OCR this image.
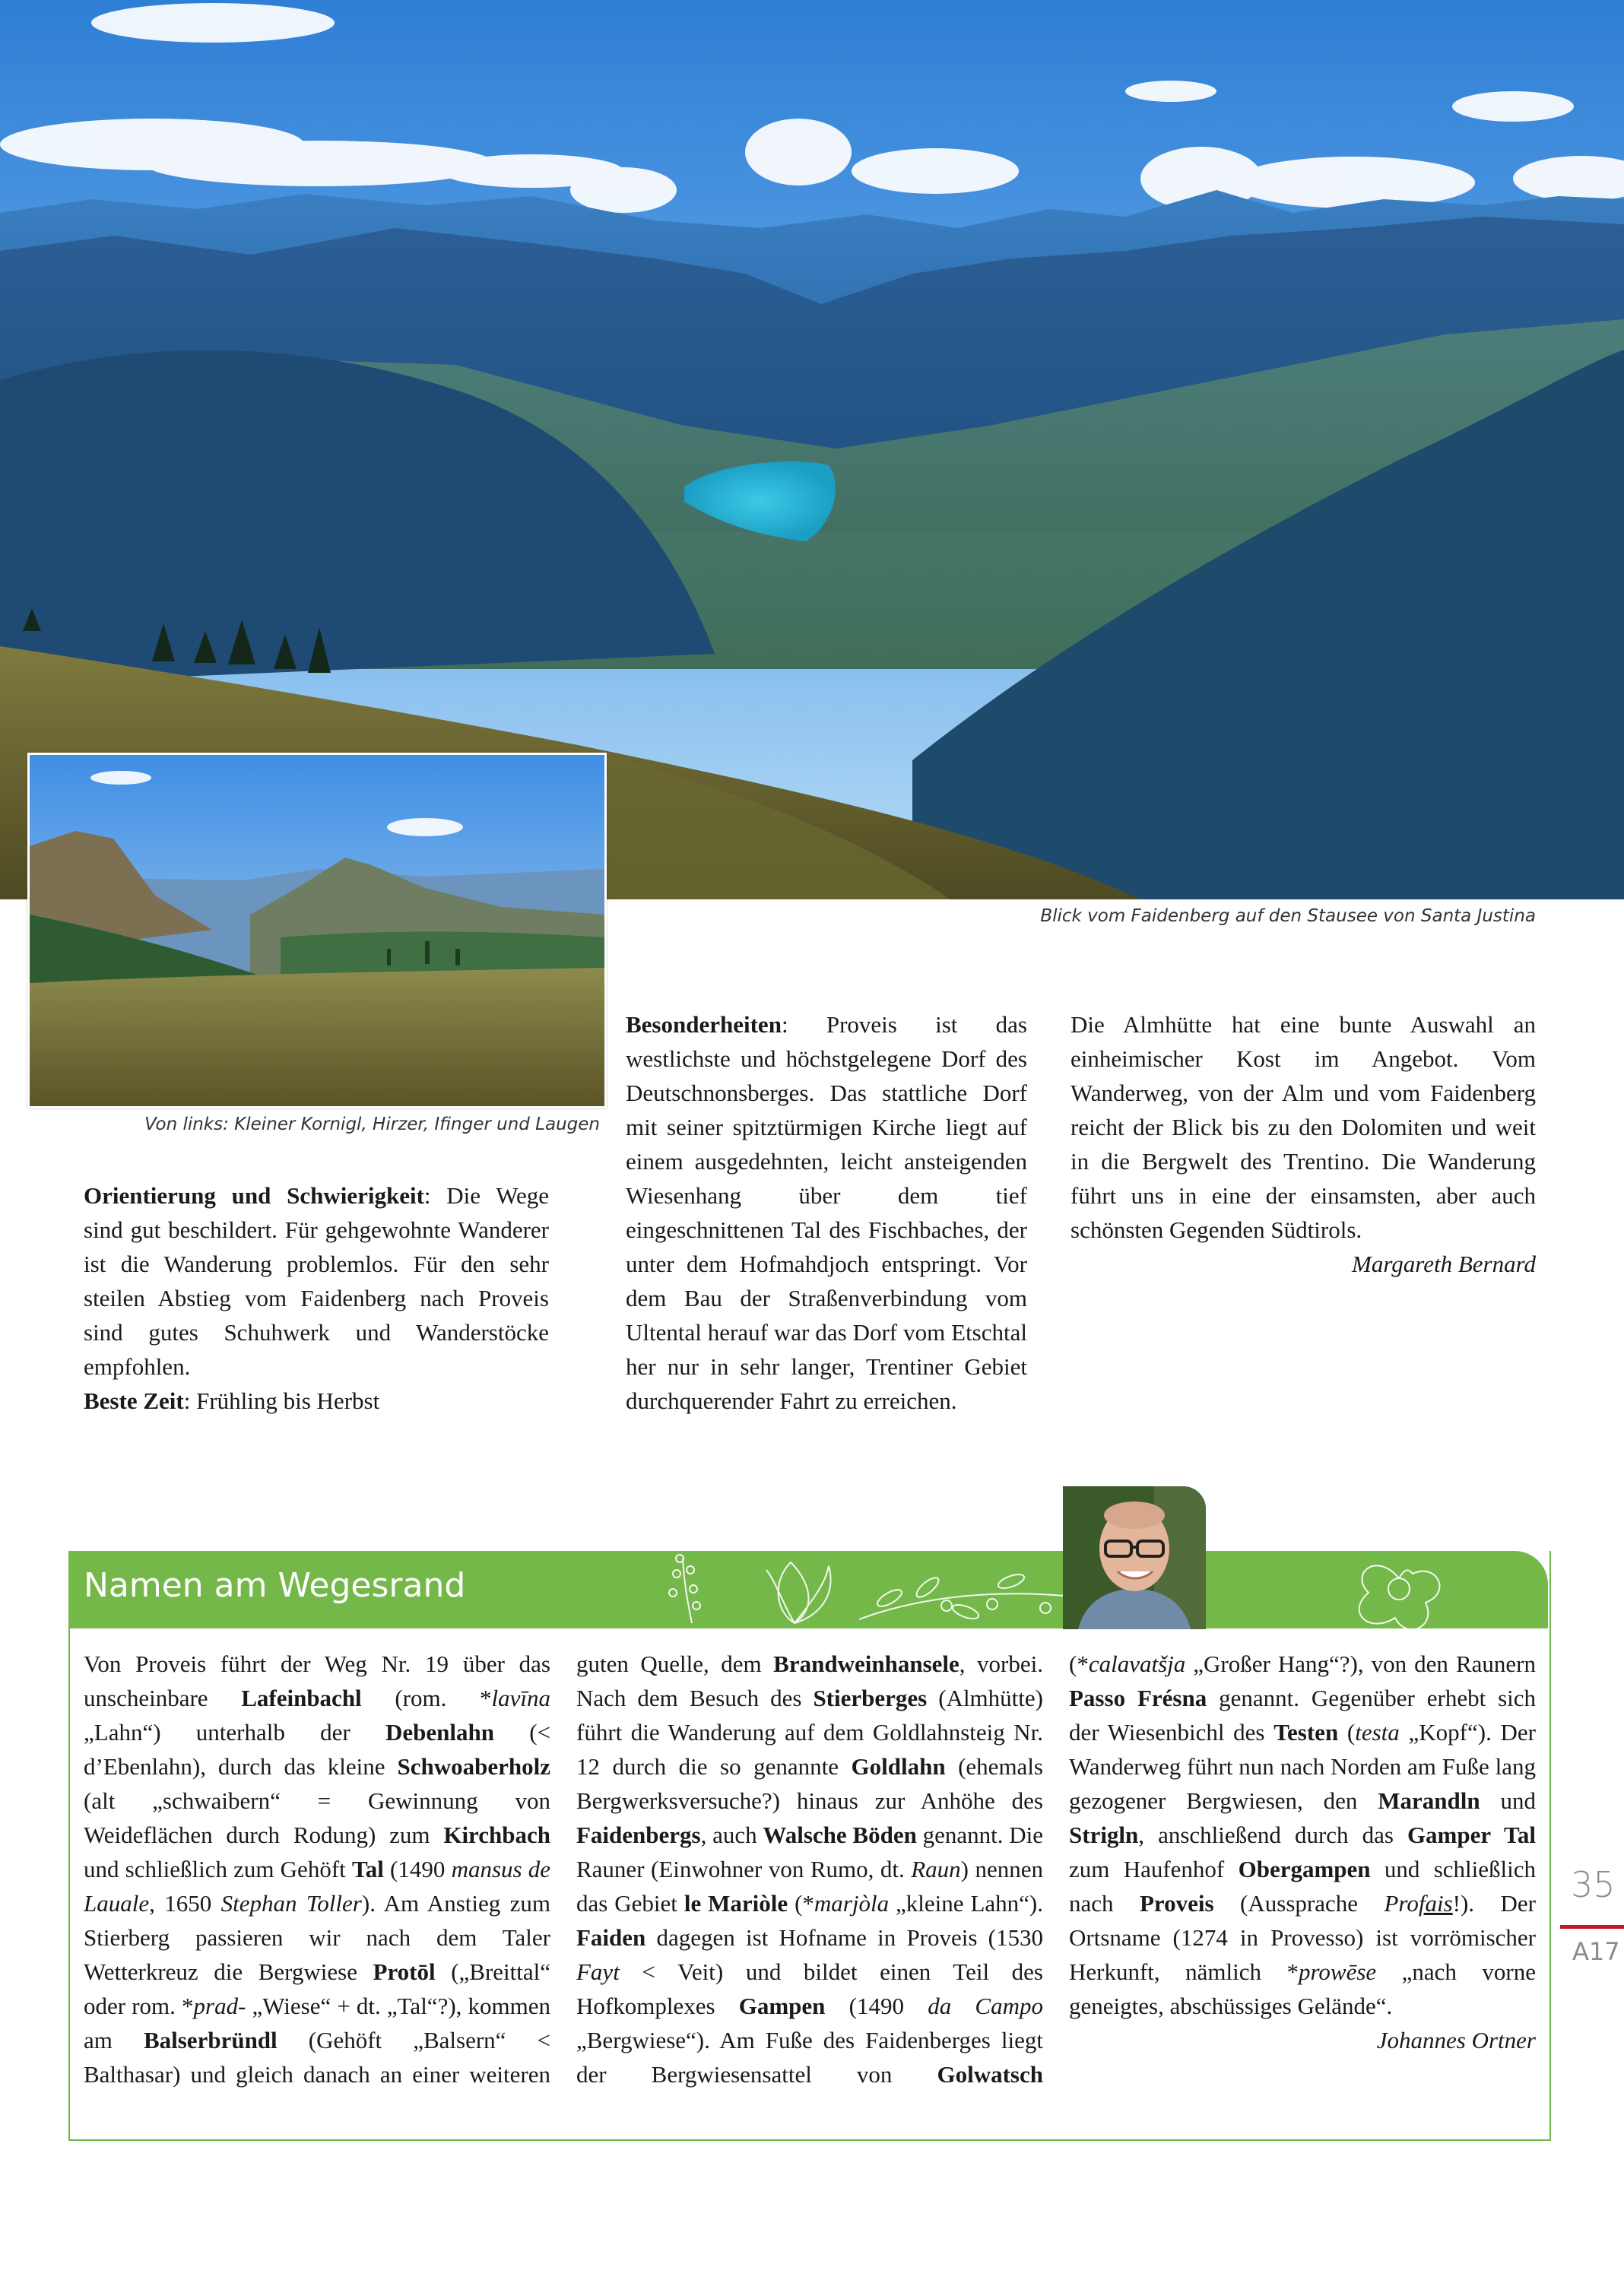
Blick vom Faidenberg auf den Stausee von Santa Justina
Von links: Kleiner Kornigl, Hirzer, Ifinger und Laugen

Orientierung und Schwierigkeit: Die Wege sind gut beschildert. Für gehgewohnte Wanderer ist die Wanderung problemlos. Für den sehr steilen Abstieg vom Faidenberg nach Proveis sind gutes Schuhwerk und Wanderstöcke empfohlen.

Beste Zeit: Frühling bis Herbst

Besonderheiten: Proveis ist das westlichste und höchstgelegene Dorf des Deutschnonsberges. Das stattliche Dorf mit seiner spitztürmigen Kirche liegt auf einem ausgedehnten, leicht ansteigenden Wiesenhang über dem tief eingeschnittenen Tal des Fischbaches, der unter dem Hofmahdjoch entspringt. Vor dem Bau der Straßenverbindung vom Ultental herauf war das Dorf vom Etschtal her nur in sehr langer, Trentiner Gebiet durchquerender Fahrt zu erreichen.

Die Almhütte hat eine bunte Auswahl an einheimischer Kost im Angebot. Vom Wanderweg, von der Alm und vom Faidenberg reicht der Blick bis zu den Dolomiten und weit in die Bergwelt des Trentino. Die Wanderung führt uns in eine der einsamsten, aber auch schönsten Gegenden Südtirols.

Margareth Bernard

Namen am Wegesrand

Von Proveis führt der Weg Nr. 19 über das unscheinbare Lafeinbachl (rom. *lavīna „Lahn“) unterhalb der Debenlahn (< d’Ebenlahn), durch das kleine Schwoaberholz (alt „schwaibern“ = Gewinnung von Weideflächen durch Rodung) zum Kirchbach und schließlich zum Gehöft Tal (1490 mansus de Lauale, 1650 Stephan Toller). Am Anstieg zum Stierberg passieren wir nach dem Taler Wetterkreuz die Bergwiese Protōl („Breittal“ oder rom. *prad- „Wiese“ + dt. „Tal“?), kommen am Balserbründl (Gehöft „Balsern“ < Balthasar) und gleich danach an einer weiteren guten Quelle, dem Brandweinhansele, vorbei. Nach dem Besuch des Stierberges (Almhütte) führt die Wanderung auf dem Goldlahnsteig Nr. 12 durch die so genannte Goldlahn (ehemals Bergwerksversuche?) hinaus zur Anhöhe des Faidenbergs, auch Walsche Böden genannt. Die Rauner (Einwohner von Rumo, dt. Raun) nennen das Gebiet le Mariòle (*marjòla „kleine Lahn“). Faiden dagegen ist Hofname in Proveis (1530 Fayt < Veit) und bildet einen Teil des Hofkomplexes Gampen (1490 da Campo „Bergwiese“). Am Fuße des Faidenberges liegt der Bergwiesensattel von Golwatsch (*calavatšja „Großer Hang“?), von den Raunern Passo Frésna genannt. Gegenüber erhebt sich der Wiesenbichl des Testen (testa „Kopf“). Der Wanderweg führt nun nach Norden am Fuße lang gezogener Bergwiesen, den Marandln und Strigln, anschließend durch das Gamper Tal zum Haufenhof Obergampen und schließlich nach Proveis (Aussprache Profais!). Der Ortsname (1274 in Provesso) ist vorrömischer Herkunft, nämlich *prowēse „nach vorne geneigtes, abschüssiges Gelände“.

Johannes Ortner

35
A17
